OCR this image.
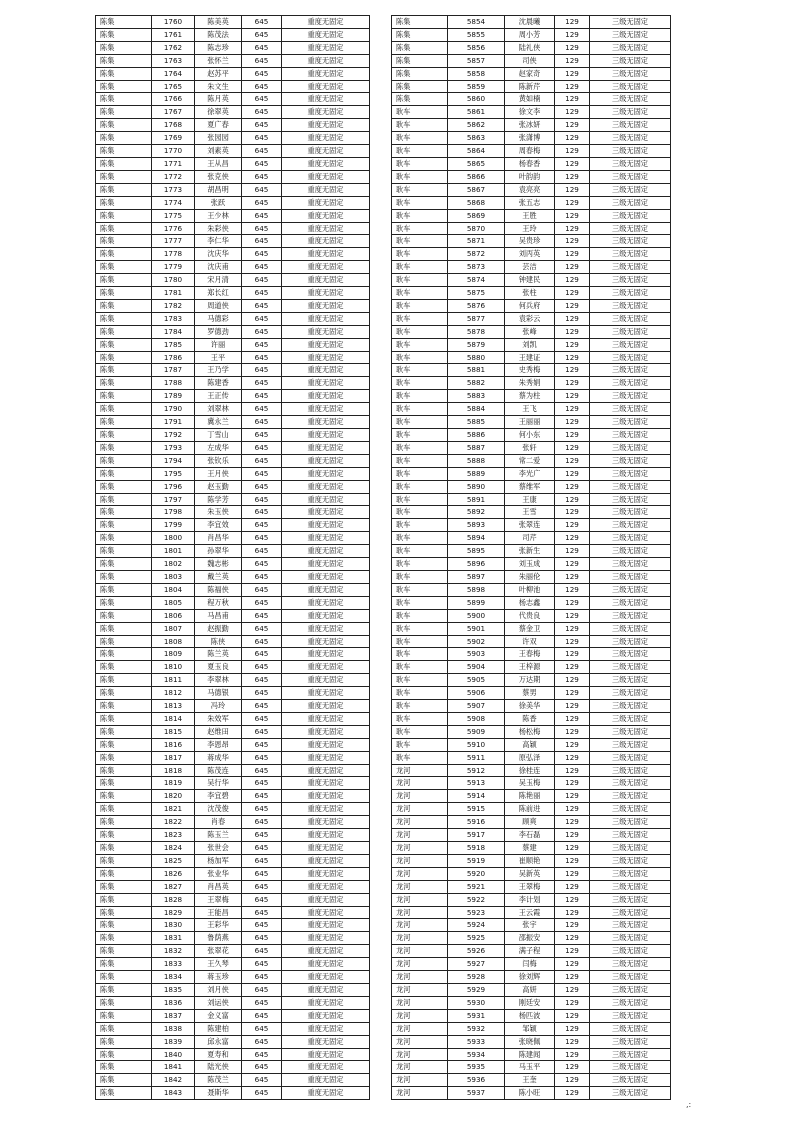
陈集	1760	陈美英	645	重度无固定
陈集	1761	陈茂法	645	重度无固定
陈集	1762	陈志珍	645	重度无固定
陈集	1763	张怀兰	645	重度无固定
陈集	1764	赵苏平	645	重度无固定
陈集	1765	朱文生	645	重度无固定
陈集	1766	陈月英	645	重度无固定
陈集	1767	徐翠英	645	重度无固定
陈集	1768	夏广春	645	重度无固定
陈集	1769	张园园	645	重度无固定
陈集	1770	刘素英	645	重度无固定
陈集	1771	王从昌	645	重度无固定
陈集	1772	张克侠	645	重度无固定
陈集	1773	胡昌明	645	重度无固定
陈集	1774	张跃	645	重度无固定
陈集	1775	王少林	645	重度无固定
陈集	1776	朱彩侠	645	重度无固定
陈集	1777	李仁华	645	重度无固定
陈集	1778	沈庆华	645	重度无固定
陈集	1779	沈庆甫	645	重度无固定
陈集	1780	宋月清	645	重度无固定
陈集	1781	郑长红	645	重度无固定
陈集	1782	周道侠	645	重度无固定
陈集	1783	马德彩	645	重度无固定
陈集	1784	罗德劲	645	重度无固定
陈集	1785	许丽	645	重度无固定
陈集	1786	王平	645	重度无固定
陈集	1787	王乃学	645	重度无固定
陈集	1788	陈建香	645	重度无固定
陈集	1789	王正传	645	重度无固定
陈集	1790	刘翠林	645	重度无固定
陈集	1791	冀永兰	645	重度无固定
陈集	1792	丁雪山	645	重度无固定
陈集	1793	左成华	645	重度无固定
陈集	1794	张钦乐	645	重度无固定
陈集	1795	王月侠	645	重度无固定
陈集	1796	赵玉勤	645	重度无固定
陈集	1797	陈学芳	645	重度无固定
陈集	1798	朱玉侠	645	重度无固定
陈集	1799	李宜效	645	重度无固定
陈集	1800	肖昌华	645	重度无固定
陈集	1801	孙翠华	645	重度无固定
陈集	1802	魏志彬	645	重度无固定
陈集	1803	戴兰英	645	重度无固定
陈集	1804	陈福侠	645	重度无固定
陈集	1805	程万秋	645	重度无固定
陈集	1806	马昌甫	645	重度无固定
陈集	1807	赵振勤	645	重度无固定
陈集	1808	陈侠	645	重度无固定
陈集	1809	陈兰英	645	重度无固定
陈集	1810	夏玉良	645	重度无固定
陈集	1811	李翠林	645	重度无固定
陈集	1812	马德银	645	重度无固定
陈集	1813	冯玲	645	重度无固定
陈集	1814	朱效军	645	重度无固定
陈集	1815	赵维田	645	重度无固定
陈集	1816	李恩昂	645	重度无固定
陈集	1817	蒋成华	645	重度无固定
陈集	1818	陈茂连	645	重度无固定
陈集	1819	吴行华	645	重度无固定
陈集	1820	李宜碧	645	重度无固定
陈集	1821	沈茂俊	645	重度无固定
陈集	1822	肖春	645	重度无固定
陈集	1823	陈玉兰	645	重度无固定
陈集	1824	张世会	645	重度无固定
陈集	1825	杨加军	645	重度无固定
陈集	1826	张业华	645	重度无固定
陈集	1827	肖昌英	645	重度无固定
陈集	1828	王翠梅	645	重度无固定
陈集	1829	王能昌	645	重度无固定
陈集	1830	王彩华	645	重度无固定
陈集	1831	鲁荫燕	645	重度无固定
陈集	1832	张翠花	645	重度无固定
陈集	1833	王久琴	645	重度无固定
陈集	1834	蒋玉珍	645	重度无固定
陈集	1835	刘月侠	645	重度无固定
陈集	1836	刘运侠	645	重度无固定
陈集	1837	金义富	645	重度无固定
陈集	1838	陈建柏	645	重度无固定
陈集	1839	邱永富	645	重度无固定
陈集	1840	夏寿和	645	重度无固定
陈集	1841	陆光侠	645	重度无固定
陈集	1842	陈茂兰	645	重度无固定
陈集	1843	聂斯华	645	重度无固定
陈集	5854	沈晨曦	129	三级无固定
陈集	5855	周小芳	129	三级无固定
陈集	5856	陆礼侠	129	三级无固定
陈集	5857	司侠	129	三级无固定
陈集	5858	赵家奇	129	三级无固定
陈集	5859	陈新芹	129	三级无固定
陈集	5860	黄如楠	129	三级无固定
耿车	5861	徐文李	129	三级无固定
耿车	5862	张冰妍	129	三级无固定
耿车	5863	张潇博	129	三级无固定
耿车	5864	周春梅	129	三级无固定
耿车	5865	杨春香	129	三级无固定
耿车	5866	叶韵韵	129	三级无固定
耿车	5867	袁亮亮	129	三级无固定
耿车	5868	张五志	129	三级无固定
耿车	5869	王胜	129	三级无固定
耿车	5870	王玲	129	三级无固定
耿车	5871	吴贵珍	129	三级无固定
耿车	5872	刘丙英	129	三级无固定
耿车	5873	芸洁	129	三级无固定
耿车	5874	钟建民	129	三级无固定
耿车	5875	张柱	129	三级无固定
耿车	5876	何兵府	129	三级无固定
耿车	5877	袁彩云	129	三级无固定
耿车	5878	张峰	129	三级无固定
耿车	5879	刘凯	129	三级无固定
耿车	5880	王建证	129	三级无固定
耿车	5881	史秀梅	129	三级无固定
耿车	5882	朱秀娟	129	三级无固定
耿车	5883	蔡为柱	129	三级无固定
耿车	5884	王飞	129	三级无固定
耿车	5885	王丽丽	129	三级无固定
耿车	5886	何小东	129	三级无固定
耿车	5887	张轩	129	三级无固定
耿车	5888	常二爱	129	三级无固定
耿车	5889	李光广	129	三级无固定
耿车	5890	蔡维军	129	三级无固定
耿车	5891	王康	129	三级无固定
耿车	5892	王雪	129	三级无固定
耿车	5893	张翠连	129	三级无固定
耿车	5894	司芹	129	三级无固定
耿车	5895	张新生	129	三级无固定
耿车	5896	刘玉成	129	三级无固定
耿车	5897	朱丽伦	129	三级无固定
耿车	5898	叶柳池	129	三级无固定
耿车	5899	杨志鑫	129	三级无固定
耿车	5900	代贵良	129	三级无固定
耿车	5901	蔡金卫	129	三级无固定
耿车	5902	许双	129	三级无固定
耿车	5903	王春梅	129	三级无固定
耿车	5904	王梓源	129	三级无固定
耿车	5905	万达期	129	三级无固定
耿车	5906	蔡男	129	三级无固定
耿车	5907	徐美华	129	三级无固定
耿车	5908	陈香	129	三级无固定
耿车	5909	杨松梅	129	三级无固定
耿车	5910	高颖	129	三级无固定
耿车	5911	原弘泽	129	三级无固定
龙河	5912	徐桂连	129	三级无固定
龙河	5913	吴玉梅	129	三级无固定
龙河	5914	陈艳丽	129	三级无固定
龙河	5915	陈前进	129	三级无固定
龙河	5916	顾爽	129	三级无固定
龙河	5917	李石磊	129	三级无固定
龙河	5918	蔡建	129	三级无固定
龙河	5919	崔顺艳	129	三级无固定
龙河	5920	吴新英	129	三级无固定
龙河	5921	王翠梅	129	三级无固定
龙河	5922	李计划	129	三级无固定
龙河	5923	王云霞	129	三级无固定
龙河	5924	张宇	129	三级无固定
龙河	5925	邵振安	129	三级无固定
龙河	5926	满子程	129	三级无固定
龙河	5927	闫梅	129	三级无固定
龙河	5928	徐刘辉	129	三级无固定
龙河	5929	高妍	129	三级无固定
龙河	5930	刚廷安	129	三级无固定
龙河	5931	杨匹波	129	三级无固定
龙河	5932	邹颖	129	三级无固定
龙河	5933	张晓佩	129	三级无固定
龙河	5934	陈建闻	129	三级无固定
龙河	5935	马玉平	129	三级无固定
龙河	5936	王奎	129	三级无固定
龙河	5937	陈小旺	129	三级无固定
,:
